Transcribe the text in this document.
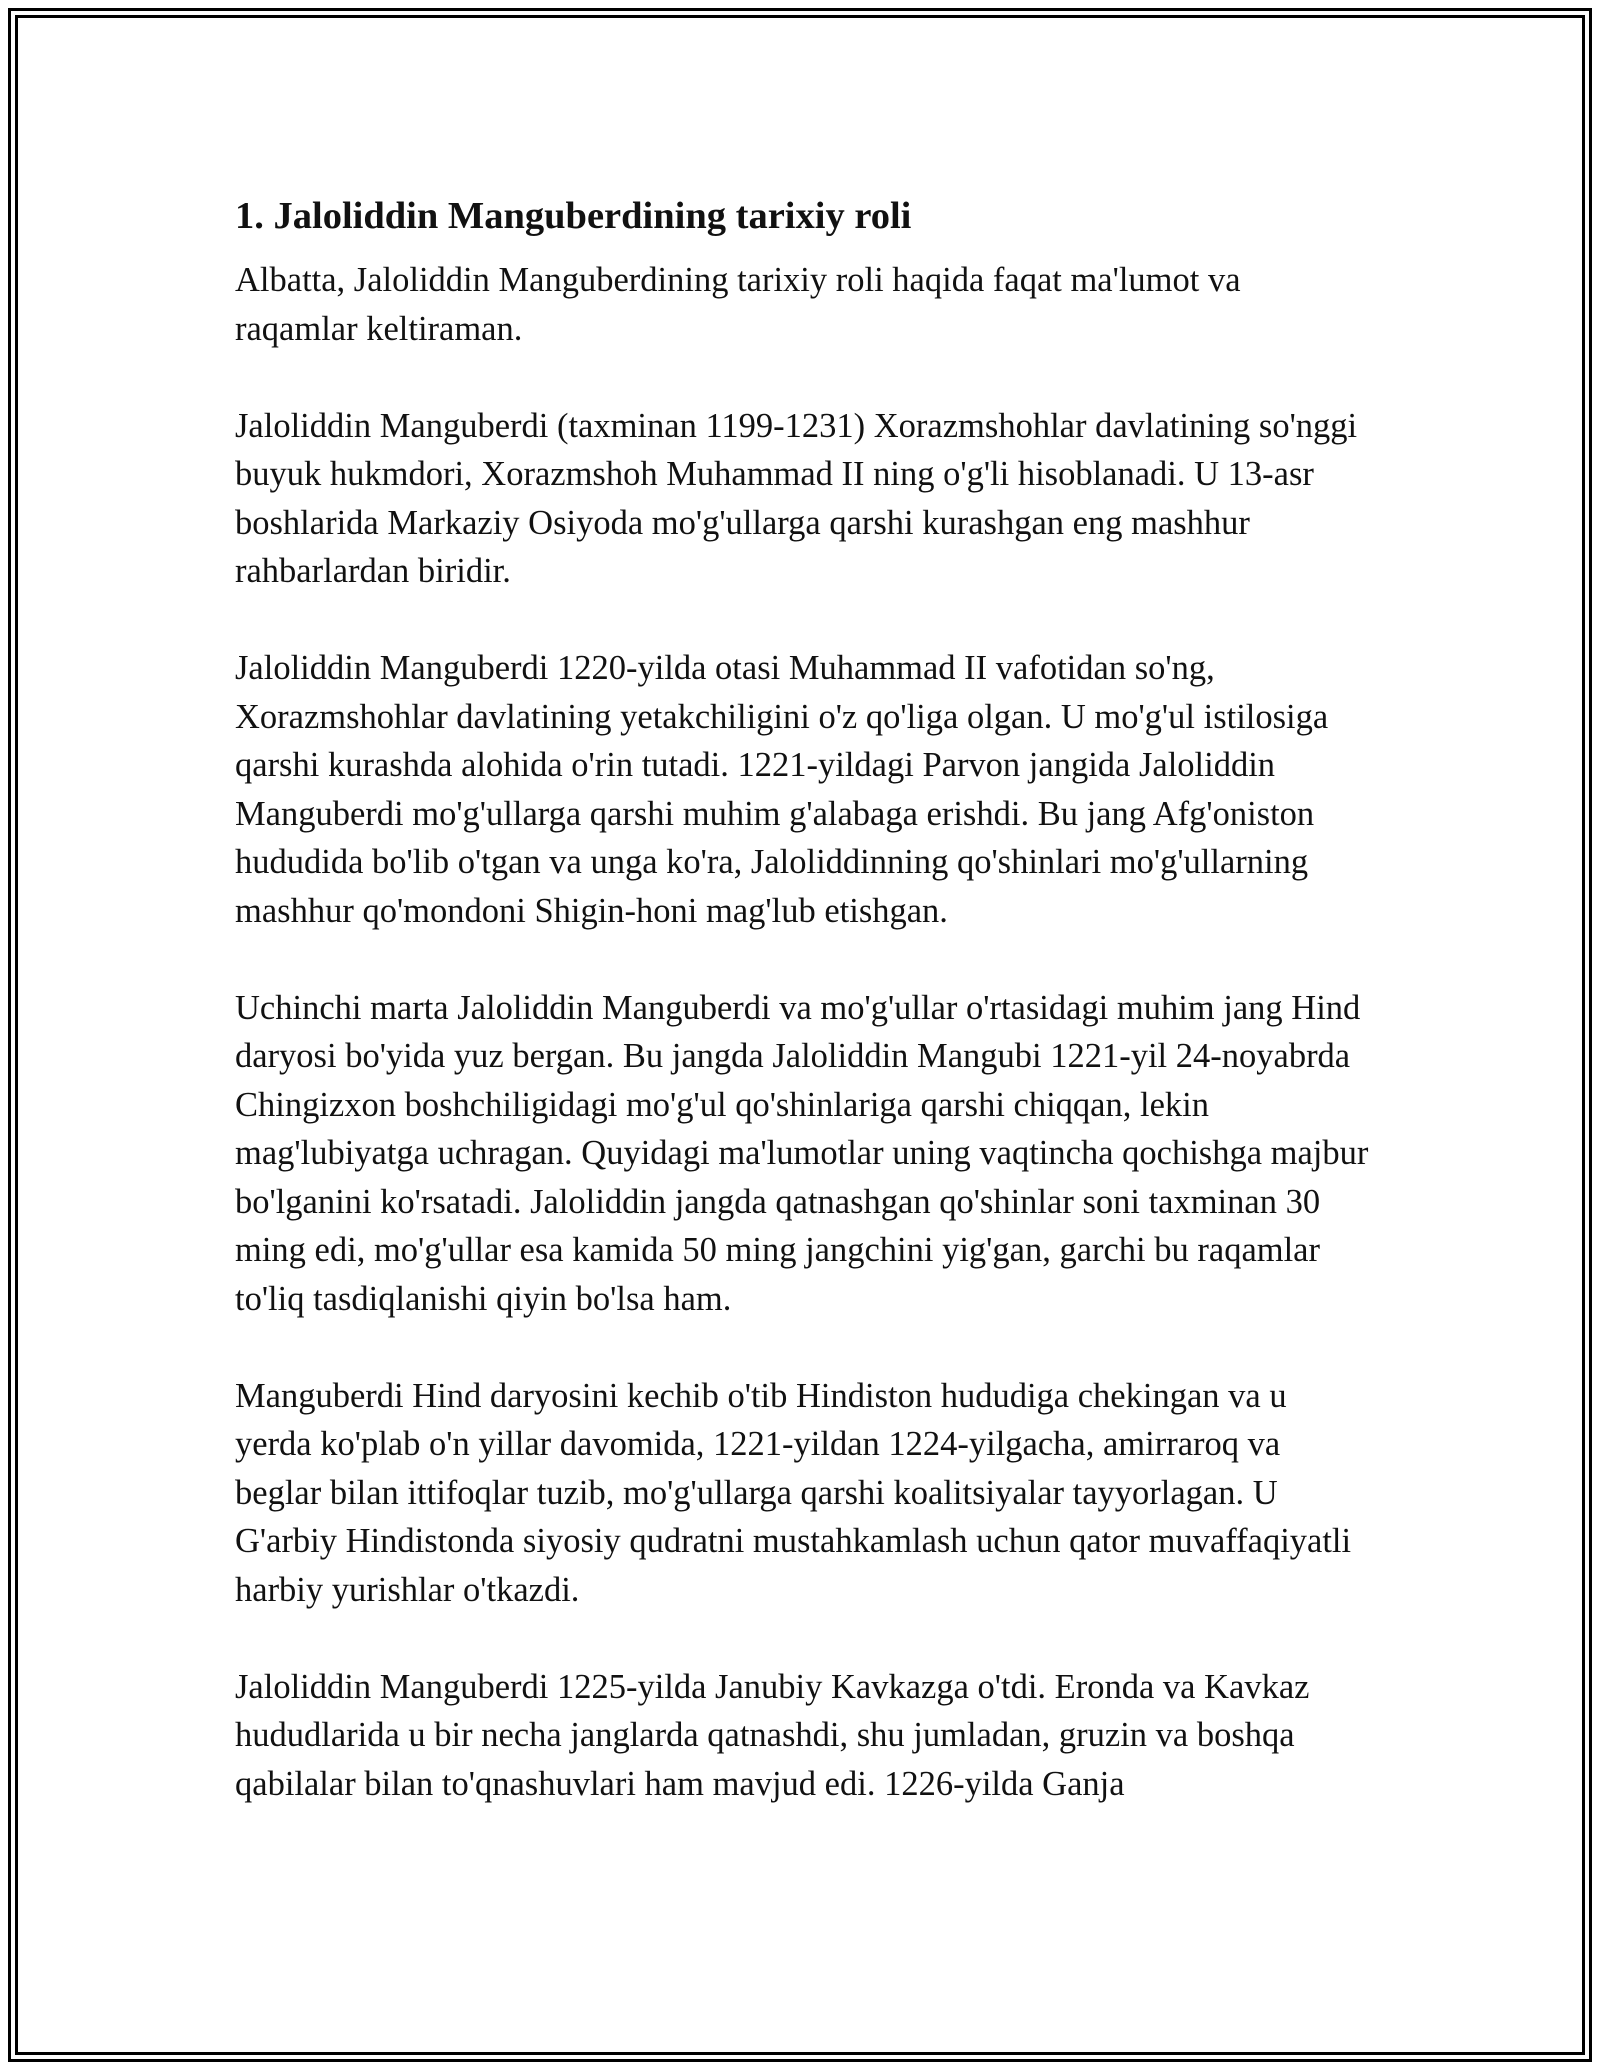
1. Jaloliddin Manguberdining tarixiy roli

Albatta, Jaloliddin Manguberdining tarixiy roli haqida faqat ma'lumot va raqamlar keltiraman.

Jaloliddin Manguberdi (taxminan 1199-1231) Xorazmshohlar davlatining so'nggi buyuk hukmdori, Xorazmshoh Muhammad II ning o'g'li hisoblanadi. U 13-asr boshlarida Markaziy Osiyoda mo'g'ullarga qarshi kurashgan eng mashhur rahbarlardan biridir.

Jaloliddin Manguberdi 1220-yilda otasi Muhammad II vafotidan so'ng, Xorazmshohlar davlatining yetakchiligini o'z qo'liga olgan. U mo'g'ul istilosiga qarshi kurashda alohida o'rin tutadi. 1221-yildagi Parvon jangida Jaloliddin Manguberdi mo'g'ullarga qarshi muhim g'alabaga erishdi. Bu jang Afg'oniston hududida bo'lib o'tgan va unga ko'ra, Jaloliddinning qo'shinlari mo'g'ullarning mashhur qo'mondoni Shigin-honi mag'lub etishgan.

Uchinchi marta Jaloliddin Manguberdi va mo'g'ullar o'rtasidagi muhim jang Hind daryosi bo'yida yuz bergan. Bu jangda Jaloliddin Mangubi 1221-yil 24-noyabrda Chingizxon boshchiligidagi mo'g'ul qo'shinlariga qarshi chiqqan, lekin mag'lubiyatga uchragan. Quyidagi ma'lumotlar uning vaqtincha qochishga majbur bo'lganini ko'rsatadi. Jaloliddin jangda qatnashgan qo'shinlar soni taxminan 30 ming edi, mo'g'ullar esa kamida 50 ming jangchini yig'gan, garchi bu raqamlar to'liq tasdiqlanishi qiyin bo'lsa ham.

Manguberdi Hind daryosini kechib o'tib Hindiston hududiga chekingan va u yerda ko'plab o'n yillar davomida, 1221-yildan 1224-yilgacha, amirraroq va beglar bilan ittifoqlar tuzib, mo'g'ullarga qarshi koalitsiyalar tayyorlagan. U G'arbiy Hindistonda siyosiy qudratni mustahkamlash uchun qator muvaffaqiyatli harbiy yurishlar o'tkazdi.

Jaloliddin Manguberdi 1225-yilda Janubiy Kavkazga o'tdi. Eronda va Kavkaz hududlarida u bir necha janglarda qatnashdi, shu jumladan, gruzin va boshqa qabilalar bilan to'qnashuvlari ham mavjud edi. 1226-yilda Ganja
